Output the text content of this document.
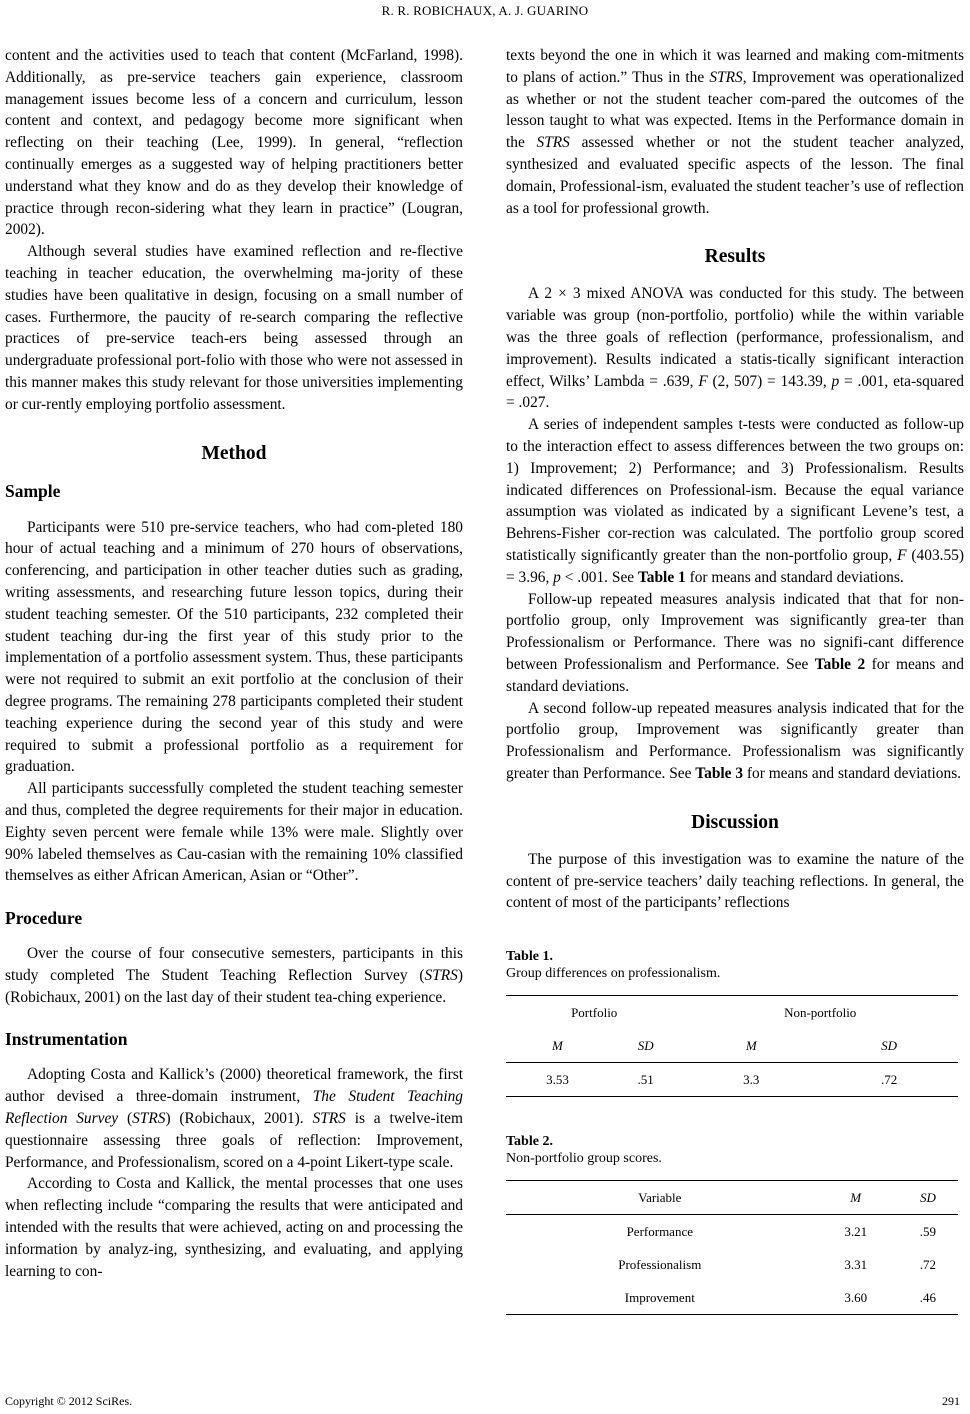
R. R. ROBICHAUX, A. J. GUARINO

content and the activities used to teach that content (McFarland, 1998). Additionally, as pre-service teachers gain experience, classroom management issues become less of a concern and curriculum, lesson content and context, and pedagogy become more significant when reflecting on their teaching (Lee, 1999). In general, “reflection continually emerges as a suggested way of helping practitioners better understand what they know and do as they develop their knowledge of practice through recon-sidering what they learn in practice” (Lougran, 2002).

Although several studies have examined reflection and re-flective teaching in teacher education, the overwhelming ma-jority of these studies have been qualitative in design, focusing on a small number of cases. Furthermore, the paucity of re-search comparing the reflective practices of pre-service teach-ers being assessed through an undergraduate professional port-folio with those who were not assessed in this manner makes this study relevant for those universities implementing or cur-rently employing portfolio assessment.

Method
Sample

Participants were 510 pre-service teachers, who had com-pleted 180 hour of actual teaching and a minimum of 270 hours of observations, conferencing, and participation in other teacher duties such as grading, writing assessments, and researching future lesson topics, during their student teaching semester. Of the 510 participants, 232 completed their student teaching dur-ing the first year of this study prior to the implementation of a portfolio assessment system. Thus, these participants were not required to submit an exit portfolio at the conclusion of their degree programs. The remaining 278 participants completed their student teaching experience during the second year of this study and were required to submit a professional portfolio as a requirement for graduation.

All participants successfully completed the student teaching semester and thus, completed the degree requirements for their major in education. Eighty seven percent were female while 13% were male. Slightly over 90% labeled themselves as Cau-casian with the remaining 10% classified themselves as either African American, Asian or “Other”.

Procedure

Over the course of four consecutive semesters, participants in this study completed The Student Teaching Reflection Survey (STRS) (Robichaux, 2001) on the last day of their student tea-ching experience.

Instrumentation

Adopting Costa and Kallick’s (2000) theoretical framework, the first author devised a three-domain instrument, The Student Teaching Reflection Survey (STRS) (Robichaux, 2001). STRS is a twelve-item questionnaire assessing three goals of reflection: Improvement, Performance, and Professionalism, scored on a 4-point Likert-type scale.

According to Costa and Kallick, the mental processes that one uses when reflecting include “comparing the results that were anticipated and intended with the results that were achieved, acting on and processing the information by analyz-ing, synthesizing, and evaluating, and applying learning to con-

texts beyond the one in which it was learned and making com-mitments to plans of action.” Thus in the STRS, Improvement was operationalized as whether or not the student teacher com-pared the outcomes of the lesson taught to what was expected. Items in the Performance domain in the STRS assessed whether or not the student teacher analyzed, synthesized and evaluated specific aspects of the lesson. The final domain, Professional-ism, evaluated the student teacher’s use of reflection as a tool for professional growth.

Results

A 2 × 3 mixed ANOVA was conducted for this study. The between variable was group (non-portfolio, portfolio) while the within variable was the three goals of reflection (performance, professionalism, and improvement). Results indicated a statis-tically significant interaction effect, Wilks’ Lambda = .639, F (2, 507) = 143.39, p = .001, eta-squared = .027.

A series of independent samples t-tests were conducted as follow-up to the interaction effect to assess differences between the two groups on: 1) Improvement; 2) Performance; and 3) Professionalism. Results indicated differences on Professional-ism. Because the equal variance assumption was violated as indicated by a significant Levene’s test, a Behrens-Fisher cor-rection was calculated. The portfolio group scored statistically significantly greater than the non-portfolio group, F (403.55) = 3.96, p < .001. See Table 1 for means and standard deviations.

Follow-up repeated measures analysis indicated that that for non-portfolio group, only Improvement was significantly grea-ter than Professionalism or Performance. There was no signifi-cant difference between Professionalism and Performance. See Table 2 for means and standard deviations.

A second follow-up repeated measures analysis indicated that for the portfolio group, Improvement was significantly greater than Professionalism and Performance. Professionalism was significantly greater than Performance. See Table 3 for means and standard deviations.

Discussion

The purpose of this investigation was to examine the nature of the content of pre-service teachers’ daily teaching reflections. In general, the content of most of the participants’ reflections

Table 1.
Group differences on professionalism.
Portfolio		Non-portfolio	
M	SD	M	SD
3.53	.51	3.3	.72
Table 2.
Non-portfolio group scores.
Variable	M	SD
Performance	3.21	.59
Professionalism	3.31	.72
Improvement	3.60	.46
Copyright © 2012 SciRes.	291
